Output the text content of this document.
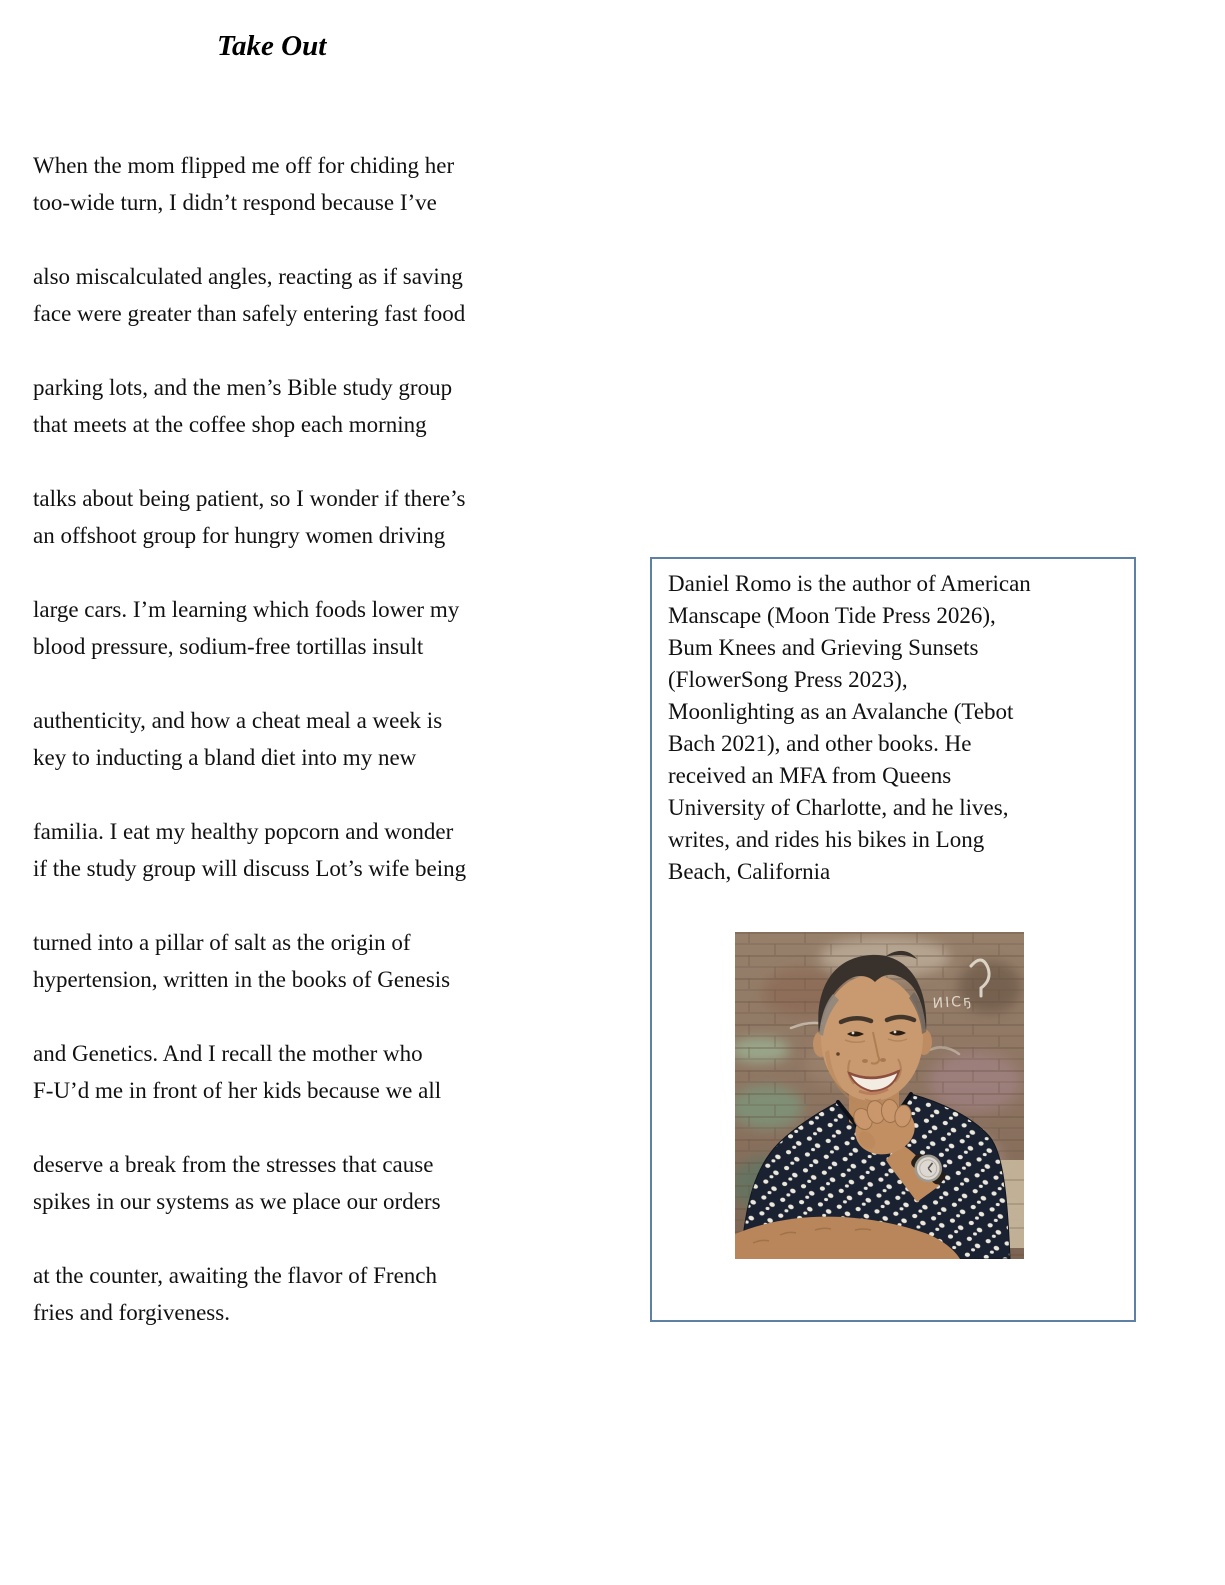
Take Out

When the mom flipped me off for chiding her

too-wide turn, I didn’t respond because I’ve

also miscalculated angles, reacting as if saving

face were greater than safely entering fast food

parking lots, and the men’s Bible study group

that meets at the coffee shop each morning

talks about being patient, so I wonder if there’s

an offshoot group for hungry women driving

large cars. I’m learning which foods lower my

blood pressure, sodium-free tortillas insult

authenticity, and how a cheat meal a week is

key to inducting a bland diet into my new

familia. I eat my healthy popcorn and wonder

if the study group will discuss Lot’s wife being

turned into a pillar of salt as the origin of

hypertension, written in the books of Genesis

and Genetics. And I recall the mother who

F-U’d me in front of her kids because we all

deserve a break from the stresses that cause

spikes in our systems as we place our orders

at the counter, awaiting the flavor of French

fries and forgiveness.

Daniel Romo is the author of American

Manscape (Moon Tide Press 2026),

Bum Knees and Grieving Sunsets

(FlowerSong Press 2023),

Moonlighting as an Avalanche (Tebot

Bach 2021), and other books. He

received an MFA from Queens

University of Charlotte, and he lives,

writes, and rides his bikes in Long

Beach, California

ИICҕ
